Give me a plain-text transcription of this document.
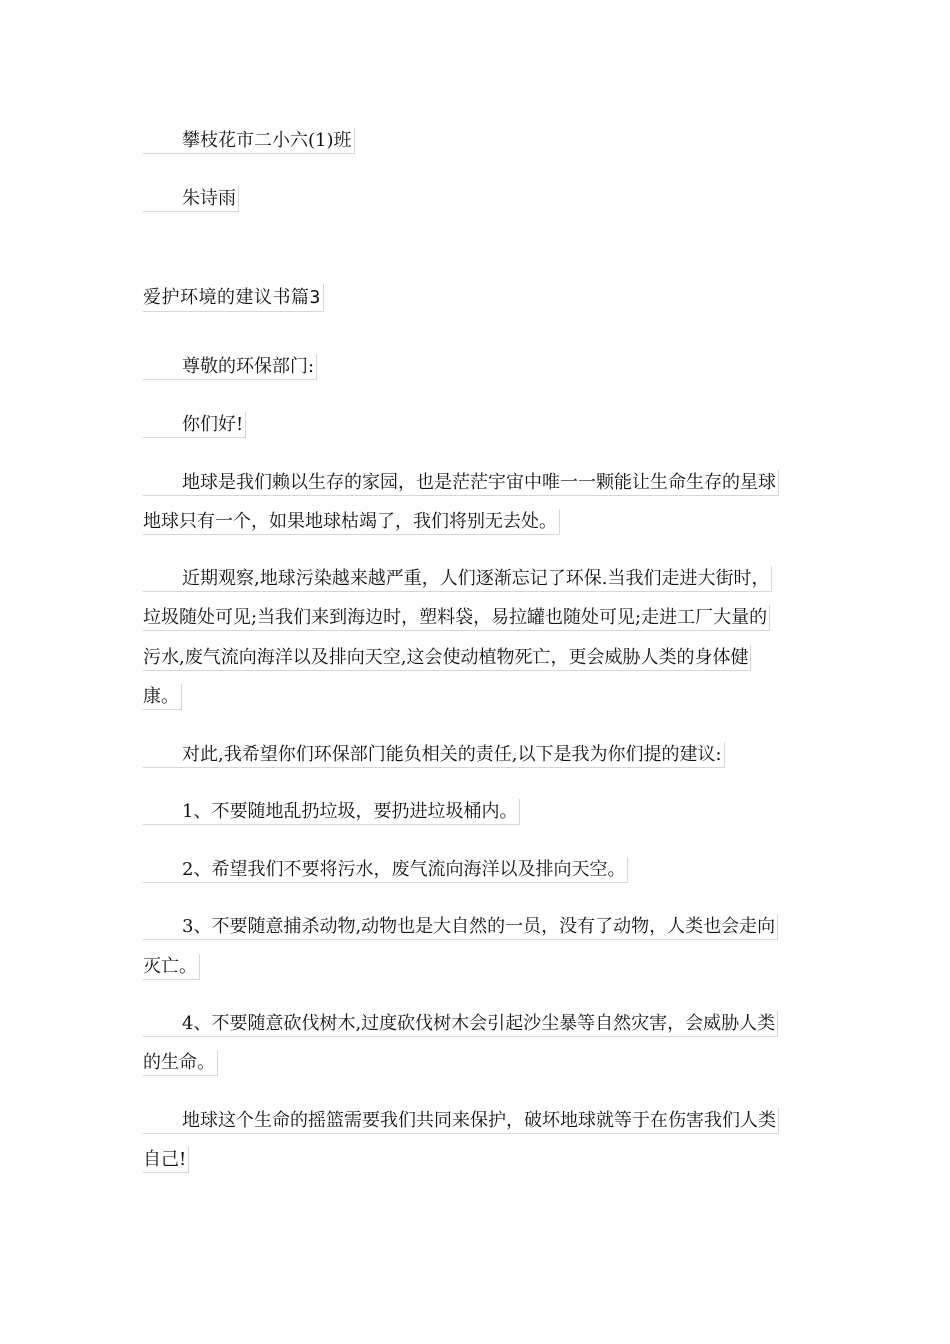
攀枝花市二小六(1)班
朱诗雨
爱护环境的建议书篇3
尊敬的环保部门:
你们好!
地球是我们赖以生存的家园，也是茫茫宇宙中唯一一颗能让生命生存的星球
地球只有一个，如果地球枯竭了，我们将别无去处。
近期观察,地球污染越来越严重，人们逐渐忘记了环保.当我们走进大街时，
垃圾随处可见;当我们来到海边时，塑料袋，易拉罐也随处可见;走进工厂大量的
污水,废气流向海洋以及排向天空,这会使动植物死亡，更会威胁人类的身体健
康。
对此,我希望你们环保部门能负相关的责任,以下是我为你们提的建议:
1、不要随地乱扔垃圾，要扔进垃圾桶内。
2、希望我们不要将污水，废气流向海洋以及排向天空。
3、不要随意捕杀动物,动物也是大自然的一员，没有了动物，人类也会走向
灭亡。
4、不要随意砍伐树木,过度砍伐树木会引起沙尘暴等自然灾害，会威胁人类
的生命。
地球这个生命的摇篮需要我们共同来保护，破坏地球就等于在伤害我们人类
自己!
